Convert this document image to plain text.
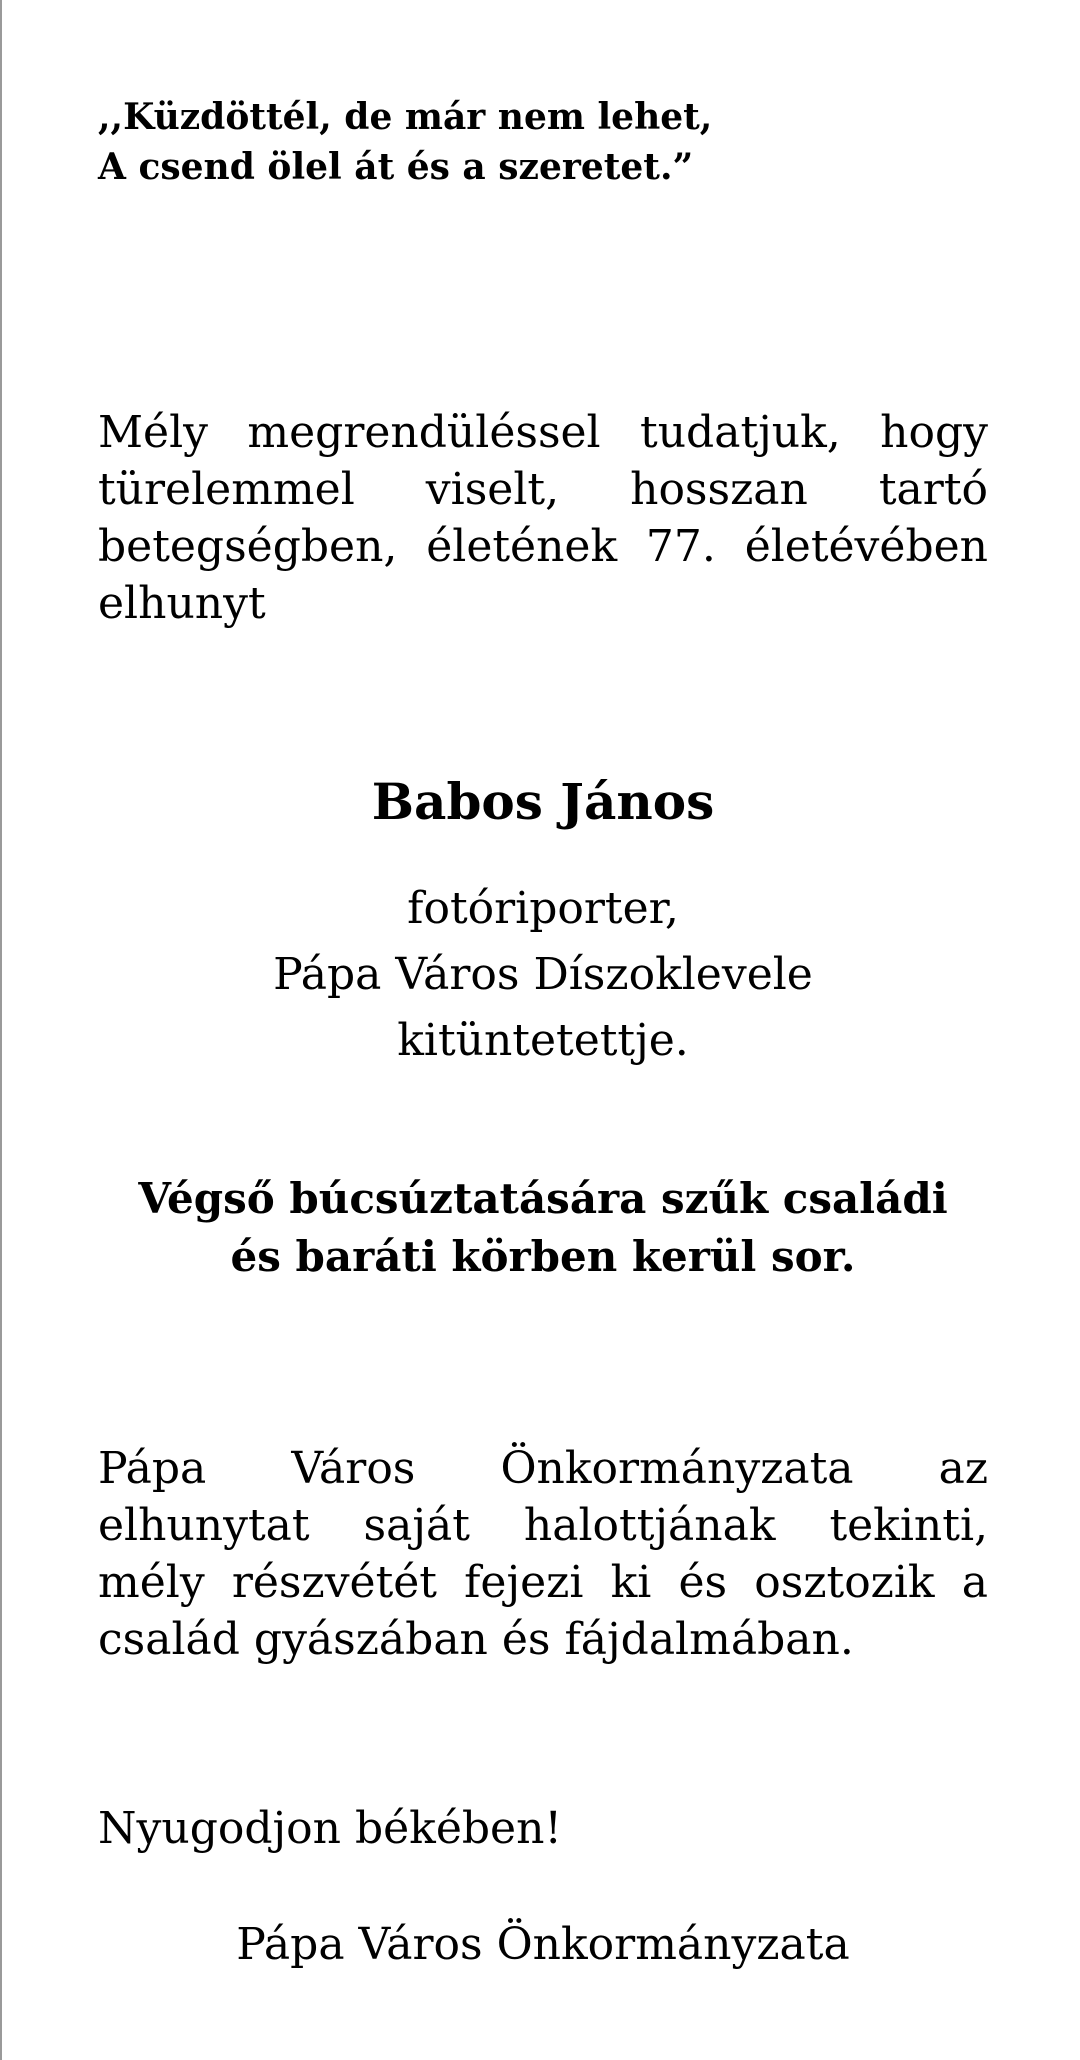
,,Küzdöttél, de már nem lehet,
A csend ölel át és a szeretet.”
Mély megrendüléssel tudatjuk, hogy
türelemmel viselt, hosszan tartó
betegségben, életének 77. életévében
elhunyt
Babos János
fotóriporter,
Pápa Város Díszoklevele
kitüntetettje.
Végső búcsúztatására szűk családi
és baráti körben kerül sor.
Pápa Város Önkormányzata az
elhunytat saját halottjának tekinti,
mély részvétét fejezi ki és osztozik a
család gyászában és fájdalmában.
Nyugodjon békében!
Pápa Város Önkormányzata
